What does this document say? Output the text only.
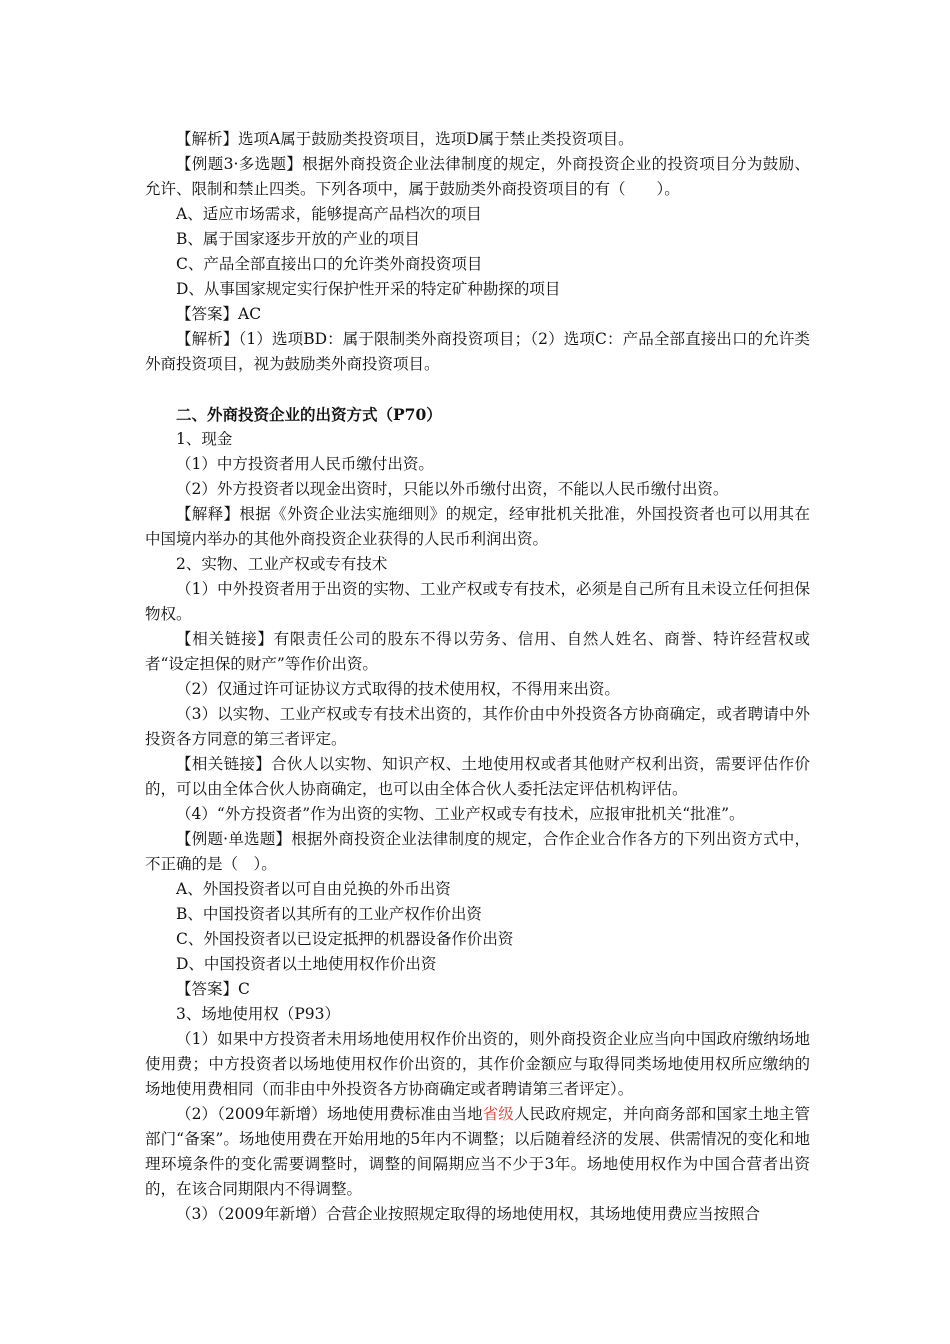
【解析】选项A属于鼓励类投资项目，选项D属于禁止类投资项目。

【例题3·多选题】根据外商投资企业法律制度的规定，外商投资企业的投资项目分为鼓励、允许、限制和禁止四类。下列各项中，属于鼓励类外商投资项目的有（　　）。

A、适应市场需求，能够提高产品档次的项目

B、属于国家逐步开放的产业的项目

C、产品全部直接出口的允许类外商投资项目

D、从事国家规定实行保护性开采的特定矿种勘探的项目

【答案】AC

【解析】（1）选项BD：属于限制类外商投资项目；（2）选项C：产品全部直接出口的允许类外商投资项目，视为鼓励类外商投资项目。

二、外商投资企业的出资方式（P70）

1、现金

（1）中方投资者用人民币缴付出资。

（2）外方投资者以现金出资时，只能以外币缴付出资，不能以人民币缴付出资。

【解释】根据《外资企业法实施细则》的规定，经审批机关批准，外国投资者也可以用其在中国境内举办的其他外商投资企业获得的人民币利润出资。

2、实物、工业产权或专有技术

（1）中外投资者用于出资的实物、工业产权或专有技术，必须是自己所有且未设立任何担保物权。

【相关链接】有限责任公司的股东不得以劳务、信用、自然人姓名、商誉、特许经营权或者“设定担保的财产”等作价出资。

（2）仅通过许可证协议方式取得的技术使用权，不得用来出资。

（3）以实物、工业产权或专有技术出资的，其作价由中外投资各方协商确定，或者聘请中外投资各方同意的第三者评定。

【相关链接】合伙人以实物、知识产权、土地使用权或者其他财产权利出资，需要评估作价的，可以由全体合伙人协商确定，也可以由全体合伙人委托法定评估机构评估。

（4）“外方投资者”作为出资的实物、工业产权或专有技术，应报审批机关“批准”。

【例题·单选题】根据外商投资企业法律制度的规定，合作企业合作各方的下列出资方式中，不正确的是（　）。

A、外国投资者以可自由兑换的外币出资

B、中国投资者以其所有的工业产权作价出资

C、外国投资者以已设定抵押的机器设备作价出资

D、中国投资者以土地使用权作价出资

【答案】C

3、场地使用权（P93）

（1）如果中方投资者未用场地使用权作价出资的，则外商投资企业应当向中国政府缴纳场地使用费；中方投资者以场地使用权作价出资的，其作价金额应与取得同类场地使用权所应缴纳的场地使用费相同（而非由中外投资各方协商确定或者聘请第三者评定）。

（2）（2009年新增）场地使用费标准由当地省级人民政府规定，并向商务部和国家土地主管部门“备案”。场地使用费在开始用地的5年内不调整；以后随着经济的发展、供需情况的变化和地理环境条件的变化需要调整时，调整的间隔期应当不少于3年。场地使用权作为中国合营者出资的，在该合同期限内不得调整。

（3）（2009年新增）合营企业按照规定取得的场地使用权，其场地使用费应当按照合
